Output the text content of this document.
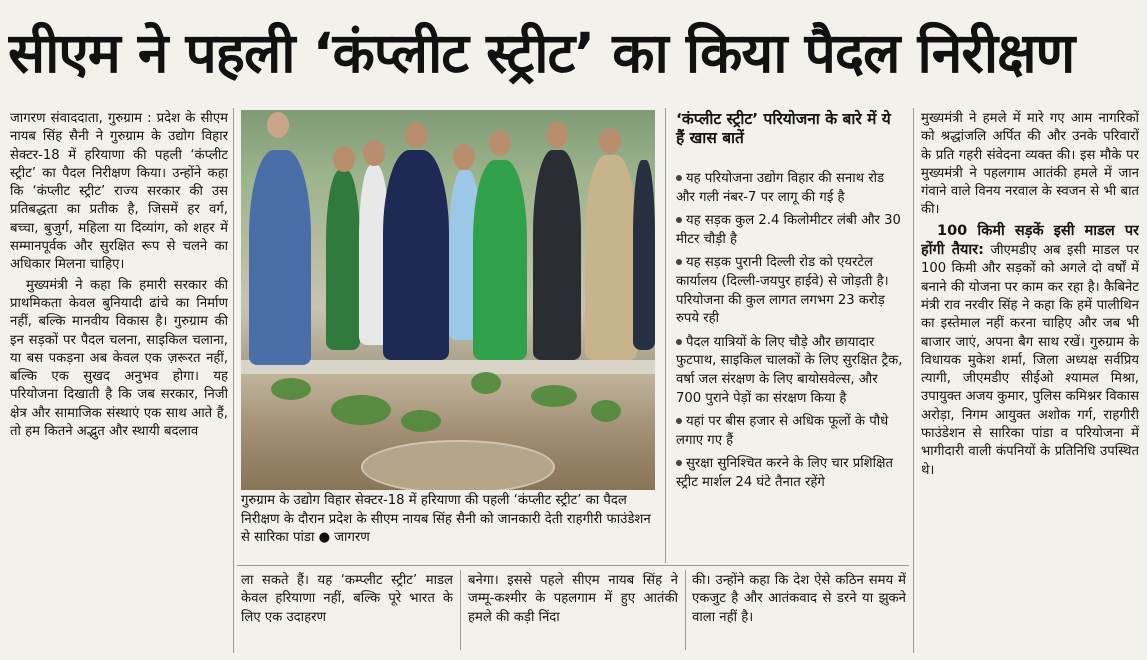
सीएम ने पहली ‘कंप्लीट स्ट्रीट’ का किया पैदल निरीक्षण

जागरण संवाददाता, गुरुग्राम : प्रदेश के सीएम नायब सिंह सैनी ने गुरुग्राम के उद्योग विहार सेक्टर-18 में हरियाणा की पहली ‘कंप्लीट स्ट्रीट’ का पैदल निरीक्षण किया। उन्होंने कहा कि ‘कंप्लीट स्ट्रीट’ राज्य सरकार की उस प्रतिबद्धता का प्रतीक है, जिसमें हर वर्ग, बच्चा, बुजुर्ग, महिला या दिव्यांग, को शहर में सम्मानपूर्वक और सुरक्षित रूप से चलने का अधिकार मिलना चाहिए।

मुख्यमंत्री ने कहा कि हमारी सरकार की प्राथमिकता केवल बुनियादी ढांचे का निर्माण नहीं, बल्कि मानवीय विकास है। गुरुग्राम की इन सड़कों पर पैदल चलना, साइकिल चलाना, या बस पकड़ना अब केवल एक ज़रूरत नहीं, बल्कि एक सुखद अनुभव होगा। यह परियोजना दिखाती है कि जब सरकार, निजी क्षेत्र और सामाजिक संस्थाएं एक साथ आते हैं, तो हम कितने अद्भुत और स्थायी बदलाव

गुरुग्राम के उद्योग विहार सेक्टर-18 में हरियाणा की पहली ‘कंप्लीट स्ट्रीट’ का पैदल निरीक्षण के दौरान प्रदेश के सीएम नायब सिंह सैनी को जानकारी देती राहगीरी फाउंडेशन से सारिका पांडा ● जागरण

ला सकते हैं। यह ‘कम्प्लीट स्ट्रीट’ माडल केवल हरियाणा नहीं, बल्कि पूरे भारत के लिए एक उदाहरण

बनेगा। इससे पहले सीएम नायब सिंह ने जम्मू-कश्मीर के पहलगाम में हुए आतंकी हमले की कड़ी निंदा

की। उन्होंने कहा कि देश ऐसे कठिन समय में एकजुट है और आतंकवाद से डरने या झुकने वाला नहीं है।

‘कंप्लीट स्ट्रीट’ परियोजना के बारे में ये हैं खास बातें
यह परियोजना उद्योग विहार की सनाथ रोड और गली नंबर-7 पर लागू की गई है
यह सड़क कुल 2.4 किलोमीटर लंबी और 30 मीटर चौड़ी है
यह सड़क पुरानी दिल्ली रोड को एयरटेल कार्यालय (दिल्ली-जयपुर हाईवे) से जोड़ती है। परियोजना की कुल लागत लगभग 23 करोड़ रुपये रही
पैदल यात्रियों के लिए चौड़े और छायादार फुटपाथ, साइकिल चालकों के लिए सुरक्षित ट्रैक, वर्षा जल संरक्षण के लिए बायोसवेल्स, और 700 पुराने पेड़ों का संरक्षण किया है
यहां पर बीस हजार से अधिक फूलों के पौधे लगाए गए हैं
सुरक्षा सुनिश्चित करने के लिए चार प्रशिक्षित स्ट्रीट मार्शल 24 घंटे तैनात रहेंगे

मुख्यमंत्री ने हमले में मारे गए आम नागरिकों को श्रद्धांजलि अर्पित की और उनके परिवारों के प्रति गहरी संवेदना व्यक्त की। इस मौके पर मुख्यमंत्री ने पहलगाम आतंकी हमले में जान गंवाने वाले विनय नरवाल के स्वजन से भी बात की।

100 किमी सड़कें इसी माडल पर होंगी तैयार: जीएमडीए अब इसी माडल पर 100 किमी और सड़कों को अगले दो वर्षों में बनाने की योजना पर काम कर रहा है। कैबिनेट मंत्री राव नरवीर सिंह ने कहा कि हमें पालीथिन का इस्तेमाल नहीं करना चाहिए और जब भी बाजार जाएं, अपना बैग साथ रखें। गुरुग्राम के विधायक मुकेश शर्मा, जिला अध्यक्ष सर्वप्रिय त्यागी, जीएमडीए सीईओ श्यामल मिश्रा, उपायुक्त अजय कुमार, पुलिस कमिश्नर विकास अरोड़ा, निगम आयुक्त अशोक गर्ग, राहगीरी फाउंडेशन से सारिका पांडा व परियोजना में भागीदारी वाली कंपनियों के प्रतिनिधि उपस्थित थे।
